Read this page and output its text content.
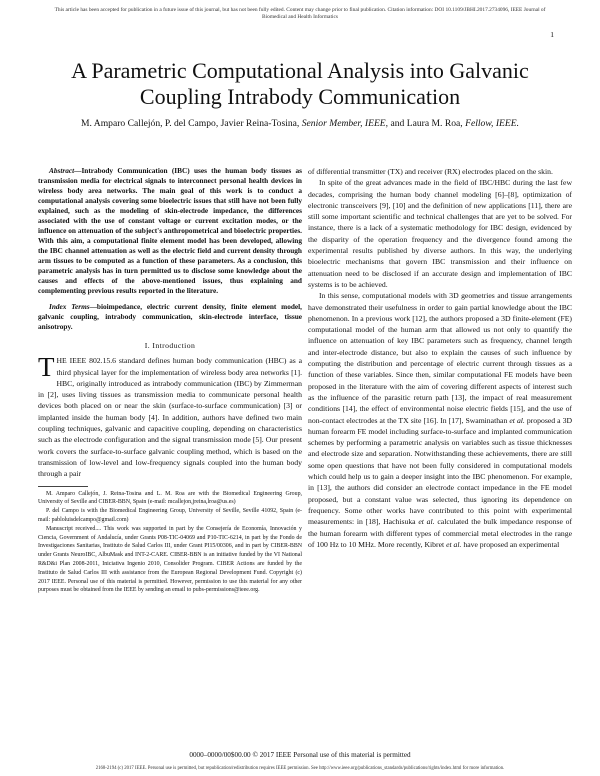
This article has been accepted for publication in a future issue of this journal, but has not been fully edited. Content may change prior to final publication. Citation information: DOI 10.1109/JBHI.2017.2734096, IEEE Journal of
Biomedical and Health Informatics
1
A Parametric Computational Analysis into Galvanic Coupling Intrabody Communication
M. Amparo Callejón, P. del Campo, Javier Reina-Tosina, Senior Member, IEEE, and Laura M. Roa, Fellow, IEEE.

Abstract—Intrabody Communication (IBC) uses the human body tissues as transmission media for electrical signals to interconnect personal health devices in wireless body area networks. The main goal of this work is to conduct a computational analysis covering some bioelectric issues that still have not been fully explained, such as the modeling of skin-electrode impedance, the differences associated with the use of constant voltage or current excitation modes, or the influence on attenuation of the subject's anthropometrical and bioelectric properties. With this aim, a computational finite element model has been developed, allowing the IBC channel attenuation as well as the electric field and current density through arm tissues to be computed as a function of these parameters. As a conclusion, this parametric analysis has in turn permitted us to disclose some knowledge about the causes and effects of the above-mentioned issues, thus explaining and complementing previous results reported in the literature.

Index Terms—bioimpedance, electric current density, finite element model, galvanic coupling, intrabody communication, skin-electrode interface, tissue anisotropy.

I. Introduction

THE IEEE 802.15.6 standard defines human body communication (HBC) as a third physical layer for the implementation of wireless body area networks [1]. HBC, originally introduced as intrabody communication (IBC) by Zimmerman in [2], uses living tissues as transmission media to communicate personal health devices both placed on or near the skin (surface-to-surface communication) [3] or implanted inside the human body [4]. In addition, authors have defined two main coupling techniques, galvanic and capacitive coupling, depending on characteristics such as the electrode configuration and the signal transmission mode [5]. Our present work covers the surface-to-surface galvanic coupling method, which is based on the transmission of low-level and low-frequency signals coupled into the human body through a pair

M. Amparo Callejón, J. Reina-Tosina and L. M. Roa are with the Biomedical Engineering Group, University of Seville and CIBER-BBN, Spain (e-mail: mcallejon,jreina,lroa@us.es)

P. del Campo is with the Biomedical Engineering Group, University of Seville, Seville 41092, Spain (e-mail: pabloluisdelcampo@gmail.com)

Manuscript received.... This work was supported in part by the Consejería de Economía, Innovación y Ciencia, Government of Andalucía, under Grants P08-TIC-04069 and P10-TIC-6214, in part by the Fondo de Investigaciones Sanitarias, Instituto de Salud Carlos III, under Grant PI15/00306, and in part by CIBER-BBN under Grants NeuroIBC, AlbuMask and INT-2-CARE. CIBER-BBN is an initiative funded by the VI National R&D&i Plan 2008-2011, Iniciativa Ingenio 2010, Consolider Program. CIBER Actions are funded by the Instituto de Salud Carlos III with assistance from the European Regional Development Fund. Copyright (c) 2017 IEEE. Personal use of this material is permitted. However, permission to use this material for any other purposes must be obtained from the IEEE by sending an email to pubs-permissions@ieee.org.

of differential transmitter (TX) and receiver (RX) electrodes placed on the skin.

In spite of the great advances made in the field of IBC/HBC during the last few decades, comprising the human body channel modeling [6]–[8], optimization of electronic transceivers [9], [10] and the definition of new applications [11], there are still some important scientific and technical challenges that are yet to be solved. For instance, there is a lack of a systematic methodology for IBC design, evidenced by the disparity of the operation frequency and the divergence found among the experimental results published by diverse authors. In this way, the underlying bioelectric mechanisms that govern IBC transmission and their influence on attenuation need to be disclosed if an accurate design and implementation of IBC systems is to be achieved.

In this sense, computational models with 3D geometries and tissue arrangements have demonstrated their usefulness in order to gain partial knowledge about the IBC phenomenon. In a previous work [12], the authors proposed a 3D finite-element (FE) computational model of the human arm that allowed us not only to quantify the influence on attenuation of key IBC parameters such as frequency, channel length and inter-electrode distance, but also to explain the causes of such influence by computing the distribution and percentage of electric current through tissues as a function of these variables. Since then, similar computational FE models have been proposed in the literature with the aim of covering different aspects of interest such as the influence of the parasitic return path [13], the impact of real measurement conditions [14], the effect of environmental noise electric fields [15], and the use of non-contact electrodes at the TX site [16]. In [17], Swaminathan et al. proposed a 3D human forearm FE model including surface-to-surface and implanted communication schemes by performing a parametric analysis on variables such as tissue thicknesses and electrode size and separation. Notwithstanding these achievements, there are still some open questions that have not been fully considered in computational models which could help us to gain a deeper insight into the IBC phenomenon. For example, in [13], the authors did consider an electrode contact impedance in the FE model proposed, but a constant value was selected, thus ignoring its dependence on frequency. Some other works have contributed to this point with experimental measurements: in [18], Hachisuka et al. calculated the bulk impedance response of the human forearm with different types of commercial metal electrodes in the range of 100 Hz to 10 MHz. More recently, Kibret et al. have proposed an experimental

0000–0000/00$00.00 © 2017 IEEE Personal use of this material is permitted
2168-2194 (c) 2017 IEEE. Personal use is permitted, but republication/redistribution requires IEEE permission. See http://www.ieee.org/publications_standards/publications/rights/index.html for more information.
